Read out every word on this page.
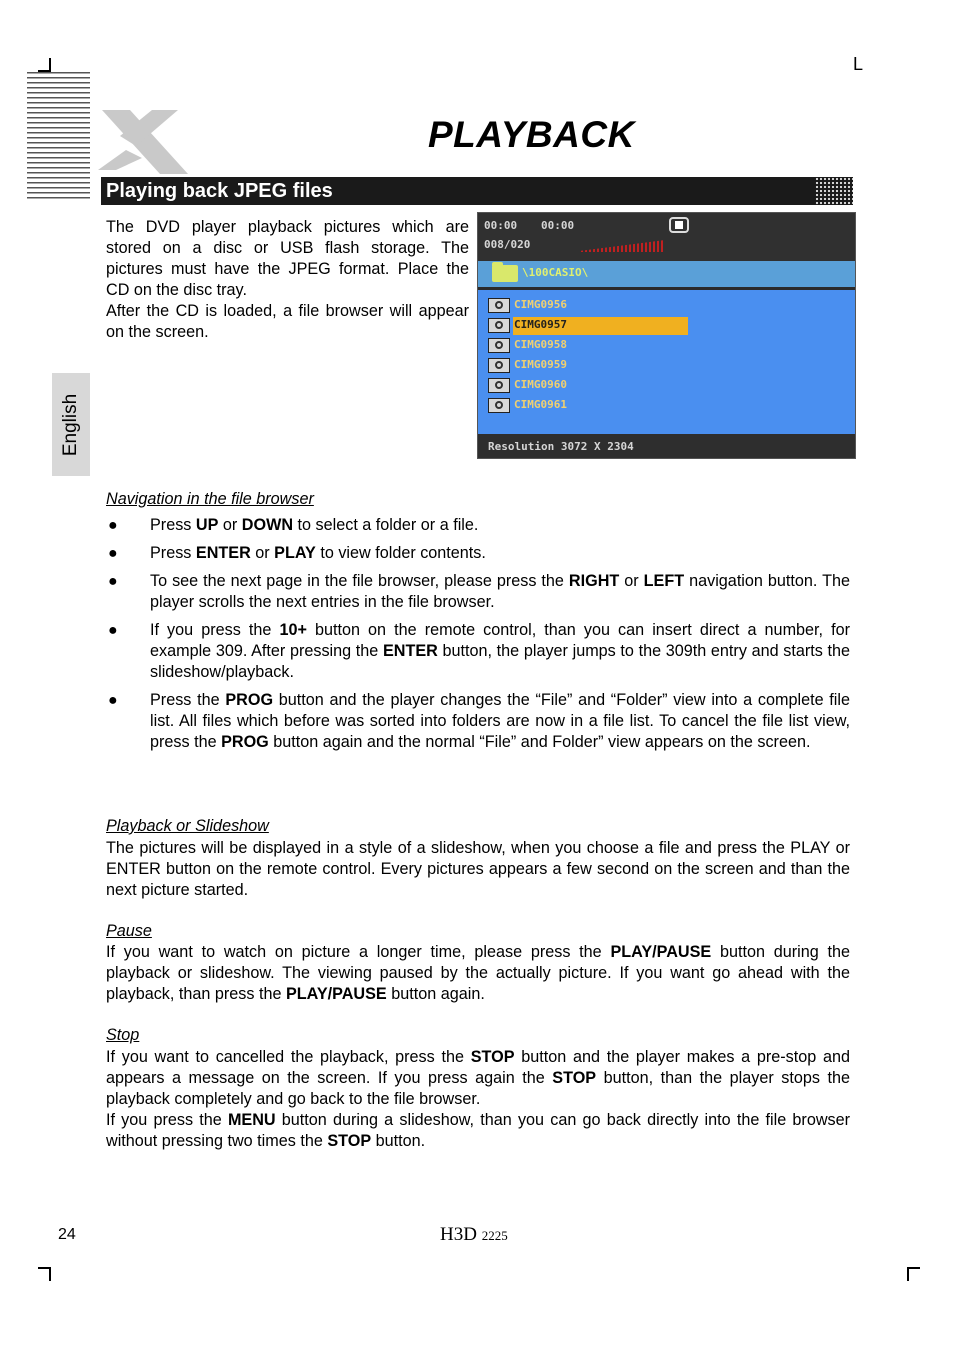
L
PLAYBACK
Playing back JPEG files
English
The DVD player playback pictures which are stored on a disc or USB flash storage. The pictures must have the JPEG format. Place the CD on the disc tray.
After the CD is loaded, a file browser will appear on the screen.
00:00 00:00
008/020
\100CASIO\
CIMG0956
CIMG0957
CIMG0958
CIMG0959
CIMG0960
CIMG0961
Resolution 3072 X 2304
Navigation in the file browser
● Press UP or DOWN to select a folder or a file.
● Press ENTER or PLAY to view folder contents.
● To see the next page in the file browser, please press the RIGHT or LEFT navigation button. The player scrolls the next entries in the file browser.
● If you press the 10+ button on the remote control, than you can insert direct a number, for example 309. After pressing the ENTER button, the player jumps to the 309th entry and starts the slideshow/playback.
● Press the PROG button and the player changes the “File” and “Folder” view into a complete file list. All files which before was sorted into folders are now in a file list. To cancel the file list view, press the PROG button again and the normal “File” and Folder” view appears on the screen.
Playback or Slideshow

The pictures will be displayed in a style of a slideshow, when you choose a file and press the PLAY or ENTER button on the remote control. Every pictures appears a few second on the screen and than the next picture started.

Pause

If you want to watch on picture a longer time, please press the PLAY/PAUSE button during the playback or slideshow. The viewing paused by the actually picture. If you want go ahead with the playback, than press the PLAY/PAUSE button again.

Stop

If you want to cancelled the playback, press the STOP button and the player makes a pre-stop and appears a message on the screen. If you press again the STOP button, than the player stops the playback completely and go back to the file browser.

If you press the MENU button during a slideshow, than you can go back directly into the file browser without pressing two times the STOP button.

24	H3D 2225
